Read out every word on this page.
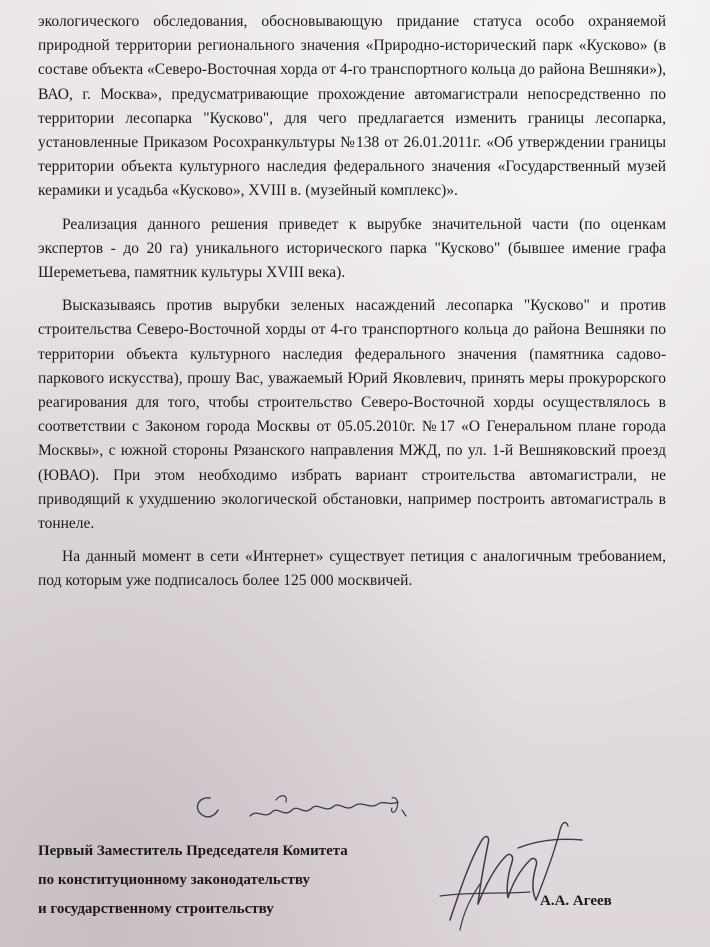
экологического обследования, обосновывающую придание статуса особо охраняемой природной территории регионального значения «Природно-исторический парк «Кусково» (в составе объекта «Северо-Восточная хорда от 4-го транспортного кольца до района Вешняки»), ВАО, г. Москва», предусматривающие прохождение автомагистрали непосредственно по территории лесопарка "Кусково", для чего предлагается изменить границы лесопарка, установленные Приказом Росохранкультуры №138 от 26.01.2011г. «Об утверждении границы территории объекта культурного наследия федерального значения «Государственный музей керамики и усадьба «Кусково», XVIII в. (музейный комплекс)».

Реализация данного решения приведет к вырубке значительной части (по оценкам экспертов - до 20 га) уникального исторического парка "Кусково" (бывшее имение графа Шереметьева, памятник культуры XVIII века).

Высказываясь против вырубки зеленых насаждений лесопарка "Кусково" и против строительства Северо-Восточной хорды от 4-го транспортного кольца до района Вешняки по территории объекта культурного наследия федерального значения (памятника садово-паркового искусства), прошу Вас, уважаемый Юрий Яковлевич, принять меры прокурорского реагирования для того, чтобы строительство Северо-Восточной хорды осуществлялось в соответствии с Законом города Москвы от 05.05.2010г. №17 «О Генеральном плане города Москвы», с южной стороны Рязанского направления МЖД, по ул. 1-й Вешняковский проезд (ЮВАО). При этом необходимо избрать вариант строительства автомагистрали, не приводящий к ухудшению экологической обстановки, например построить автомагистраль в тоннеле.

На данный момент в сети «Интернет» существует петиция с аналогичным требованием, под которым уже подписалось более 125 000 москвичей.

Первый Заместитель Председателя Комитета
по конституционному законодательству
и государственному строительству	А.А. Агеев
